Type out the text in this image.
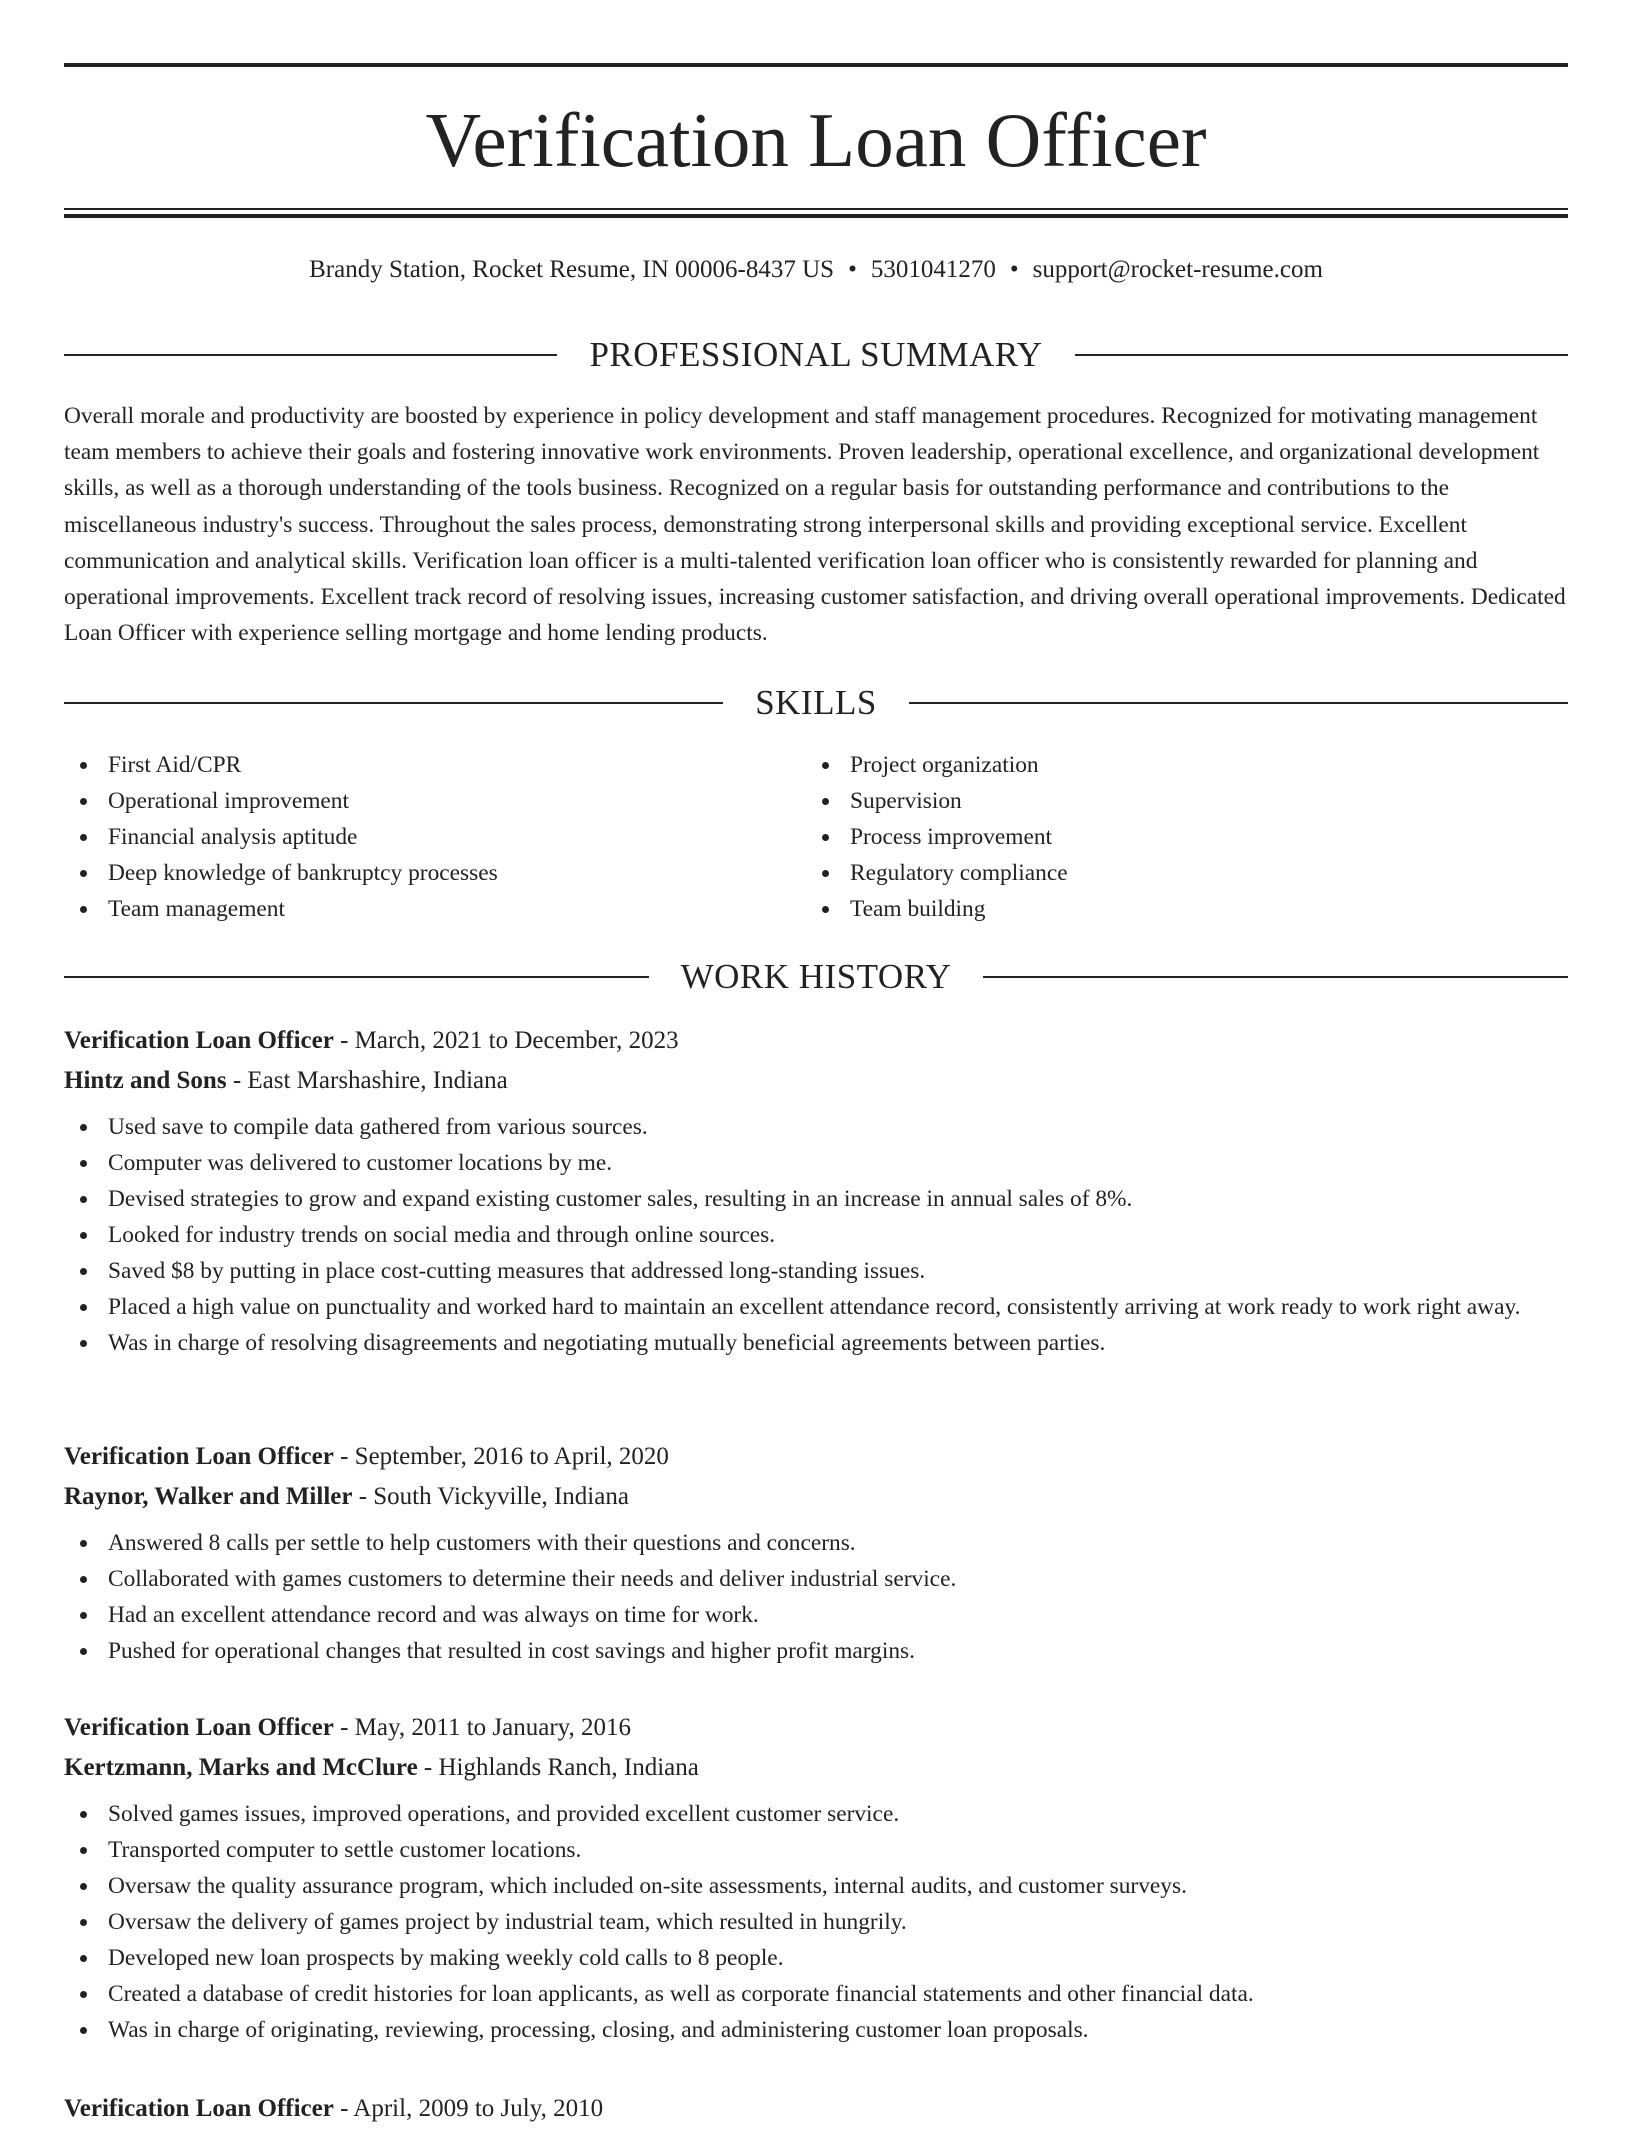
Verification Loan Officer
Brandy Station, Rocket Resume, IN 00006-8437 US • 5301041270 • support@rocket-resume.com
PROFESSIONAL SUMMARY

Overall morale and productivity are boosted by experience in policy development and staff management procedures. Recognized for motivating management team members to achieve their goals and fostering innovative work environments. Proven leadership, operational excellence, and organizational development skills, as well as a thorough understanding of the tools business. Recognized on a regular basis for outstanding performance and contributions to the miscellaneous industry's success. Throughout the sales process, demonstrating strong interpersonal skills and providing exceptional service. Excellent communication and analytical skills. Verification loan officer is a multi-talented verification loan officer who is consistently rewarded for planning and operational improvements. Excellent track record of resolving issues, increasing customer satisfaction, and driving overall operational improvements. Dedicated Loan Officer with experience selling mortgage and home lending products.

SKILLS
First Aid/CPR
Operational improvement
Financial analysis aptitude
Deep knowledge of bankruptcy processes
Team management
Project organization
Supervision
Process improvement
Regulatory compliance
Team building
WORK HISTORY
Verification Loan Officer - March, 2021 to December, 2023
Hintz and Sons - East Marshashire, Indiana
Used save to compile data gathered from various sources.
Computer was delivered to customer locations by me.
Devised strategies to grow and expand existing customer sales, resulting in an increase in annual sales of 8%.
Looked for industry trends on social media and through online sources.
Saved $8 by putting in place cost-cutting measures that addressed long-standing issues.
Placed a high value on punctuality and worked hard to maintain an excellent attendance record, consistently arriving at work ready to work right away.
Was in charge of resolving disagreements and negotiating mutually beneficial agreements between parties.
Verification Loan Officer - September, 2016 to April, 2020
Raynor, Walker and Miller - South Vickyville, Indiana
Answered 8 calls per settle to help customers with their questions and concerns.
Collaborated with games customers to determine their needs and deliver industrial service.
Had an excellent attendance record and was always on time for work.
Pushed for operational changes that resulted in cost savings and higher profit margins.
Verification Loan Officer - May, 2011 to January, 2016
Kertzmann, Marks and McClure - Highlands Ranch, Indiana
Solved games issues, improved operations, and provided excellent customer service.
Transported computer to settle customer locations.
Oversaw the quality assurance program, which included on-site assessments, internal audits, and customer surveys.
Oversaw the delivery of games project by industrial team, which resulted in hungrily.
Developed new loan prospects by making weekly cold calls to 8 people.
Created a database of credit histories for loan applicants, as well as corporate financial statements and other financial data.
Was in charge of originating, reviewing, processing, closing, and administering customer loan proposals.
Verification Loan Officer - April, 2009 to July, 2010
